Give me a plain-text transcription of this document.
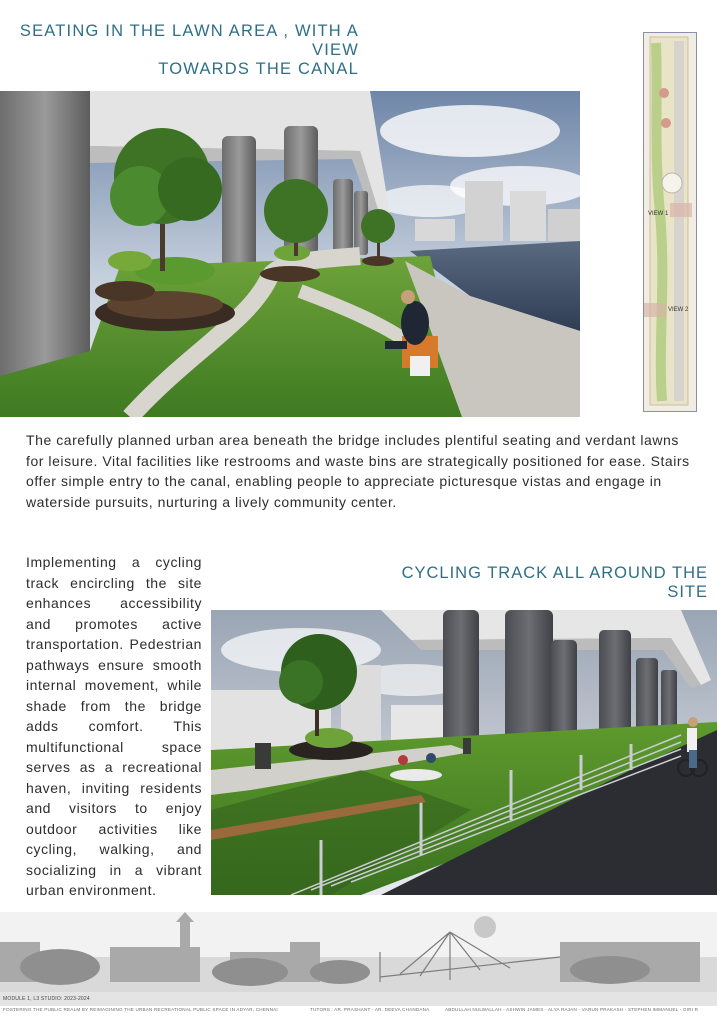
SEATING IN THE LAWN AREA , WITH A VIEW
TOWARDS THE CANAL
VIEW 1
VIEW 2
The carefully planned urban area beneath the bridge includes plentiful seating and verdant lawns for leisure. Vital facilities like restrooms and waste bins are strategically positioned for ease. Stairs offer simple entry to the canal, enabling people to appreciate picturesque vistas and engage in waterside pursuits, nurturing a lively community center.
Implementing a cycling track encircling the site enhances accessibility and promotes active transportation. Pedestrian pathways ensure smooth internal movement, while shade from the bridge adds comfort. This multifunctional space serves as a recreational haven, inviting residents and visitors to enjoy outdoor activities like cycling, walking, and socializing in a vibrant urban environment.
CYCLING TRACK ALL AROUND THE SITE
MODULE 1, L3 STUDIO: 2023-2024
FOSTERING THE PUBLIC REALM BY REIMAGINING THE URBAN RECREATIONAL PUBLIC SPACE IN ADYAR, CHENNAI	TUTORS : AR. PRASHANT - AR. DEEVA CHANDANA	ABDULLAH NULWALLAH - ASHWIN JAMES - ALYA RAJAN - VARUN PRAKASH - STEPHEN IMMANUEL - GIRI R
